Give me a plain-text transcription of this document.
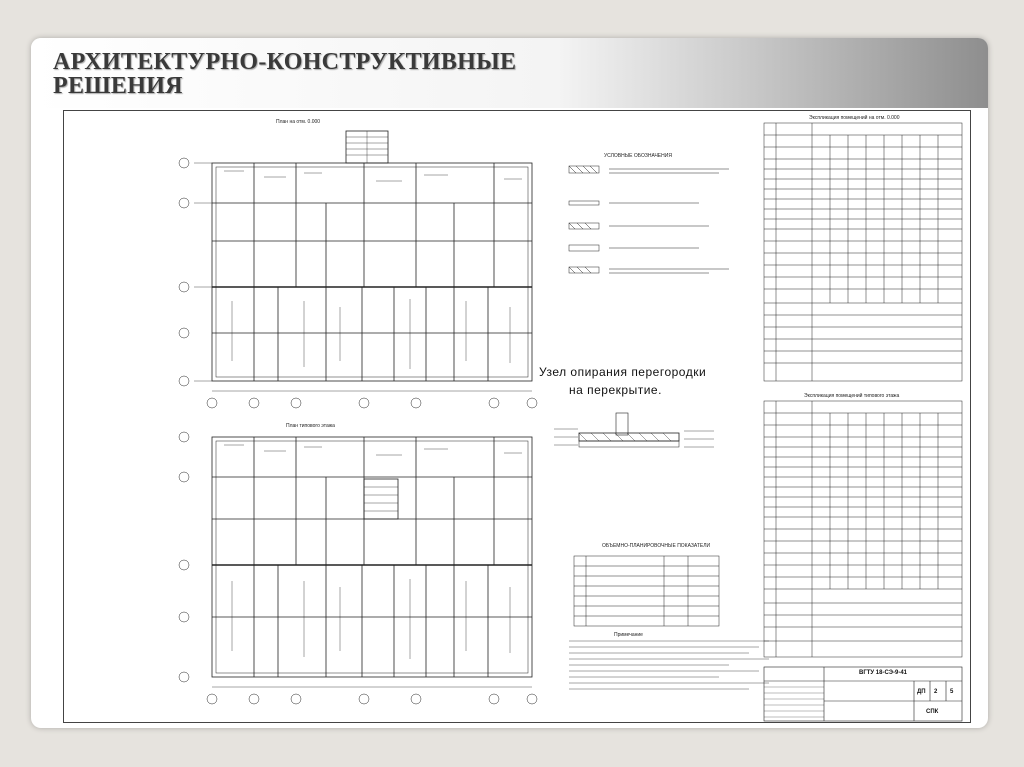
АРХИТЕКТУРНО-КОНСТРУКТИВНЫЕ
РЕШЕНИЯ
План на отм. 0.000
План типового этажа
УСЛОВНЫЕ ОБОЗНАЧЕНИЯ
Узел опирания перегородки
на перекрытие.
ОБЪЕМНО-ПЛАНИРОВОЧНЫЕ ПОКАЗАТЕЛИ
Примечание
Экспликация помещений на отм. 0.000
Экспликация помещений типового этажа
ВГТУ 18-СЭ-9-41
ДП 2 5
СПК
